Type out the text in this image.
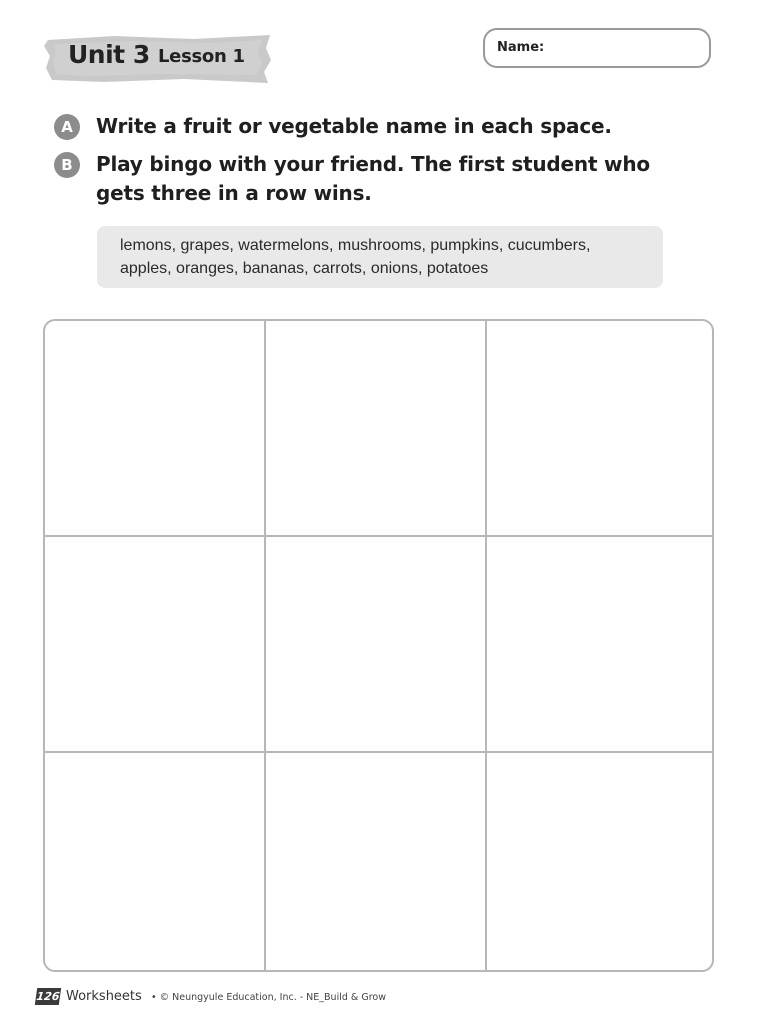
Unit 3 Lesson 1	Name:
A	Write a fruit or vegetable name in each space.
B	Play bingo with your friend. The first student who gets three in a row wins.
lemons, grapes, watermelons, mushrooms, pumpkins, cucumbers,
apples, oranges, bananas, carrots, onions, potatoes
126 Worksheets • © Neungyule Education, Inc. - NE_Build & Grow
